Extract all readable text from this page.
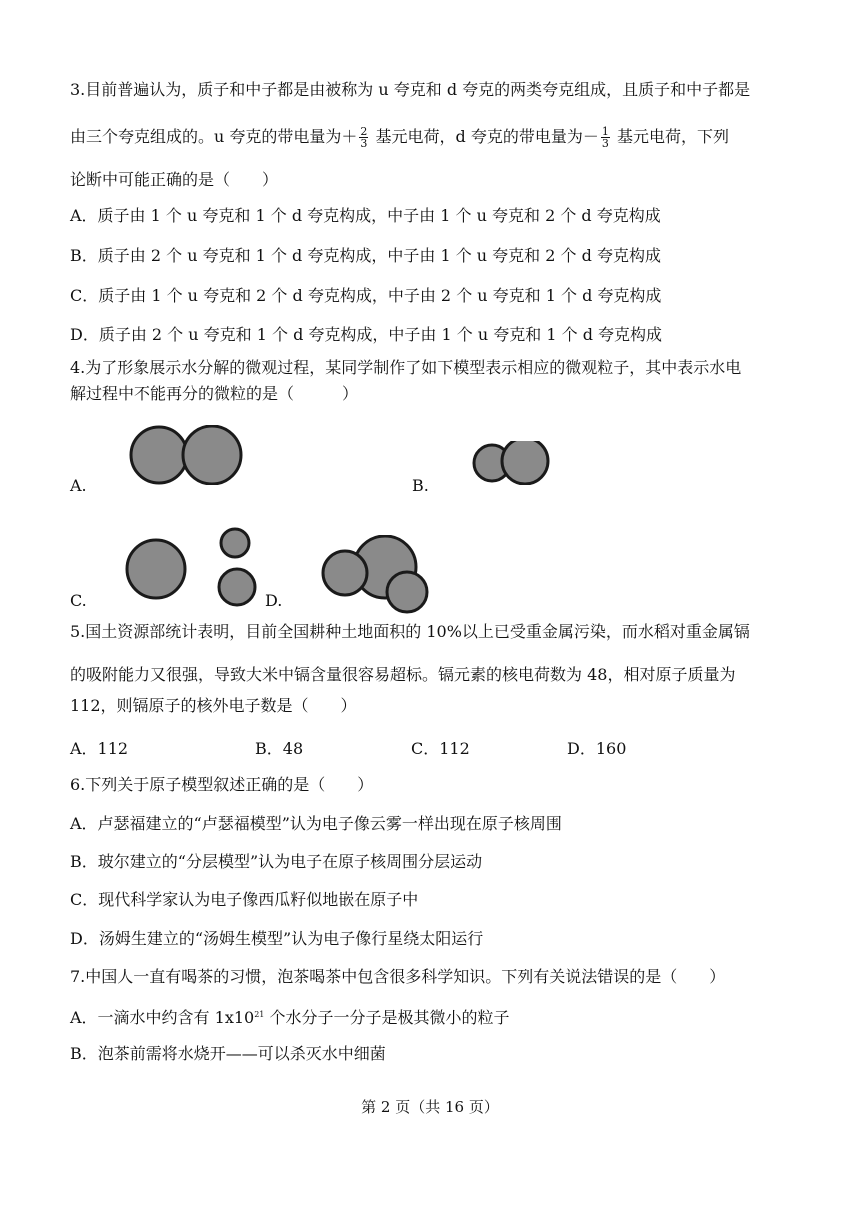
3.目前普遍认为，质子和中子都是由被称为 u 夸克和 d 夸克的两类夸克组成，且质子和中子都是
由三个夸克组成的。u 夸克的带电量为＋ $\frac{2}{3}$ 基元电荷，d 夸克的带电量为－ $\frac{1}{3}$ 基元电荷，下列
论断中可能正确的是（　　）
A．质子由 1 个 u 夸克和 1 个 d 夸克构成，中子由 1 个 u 夸克和 2 个 d 夸克构成
B．质子由 2 个 u 夸克和 1 个 d 夸克构成，中子由 1 个 u 夸克和 2 个 d 夸克构成
C．质子由 1 个 u 夸克和 2 个 d 夸克构成，中子由 2 个 u 夸克和 1 个 d 夸克构成
D．质子由 2 个 u 夸克和 1 个 d 夸克构成，中子由 1 个 u 夸克和 1 个 d 夸克构成
4.为了形象展示水分解的微观过程，某同学制作了如下模型表示相应的微观粒子，其中表示水电
解过程中不能再分的微粒的是（　　　）
A.	B.
C.	D.
5.国土资源部统计表明，目前全国耕种土地面积的 10%以上已受重金属污染，而水稻对重金属镉
的吸附能力又很强，导致大米中镉含量很容易超标。镉元素的核电荷数为 48，相对原子质量为
112，则镉原子的核外电子数是（　　）
A．112	B．48	C．112	D．160
6.下列关于原子模型叙述正确的是（　　）
A．卢瑟福建立的“卢瑟福模型”认为电子像云雾一样出现在原子核周围
B．玻尔建立的“分层模型”认为电子在原子核周围分层运动
C．现代科学家认为电子像西瓜籽似地嵌在原子中
D．汤姆生建立的“汤姆生模型”认为电子像行星绕太阳运行
7.中国人一直有喝茶的习惯，泡茶喝茶中包含很多科学知识。下列有关说法错误的是（　　）
A．一滴水中约含有 $1x10^{21}$ 个水分子一分子是极其微小的粒子
B．泡茶前需将水烧开——可以杀灭水中细菌
第 2 页（共 16 页）
